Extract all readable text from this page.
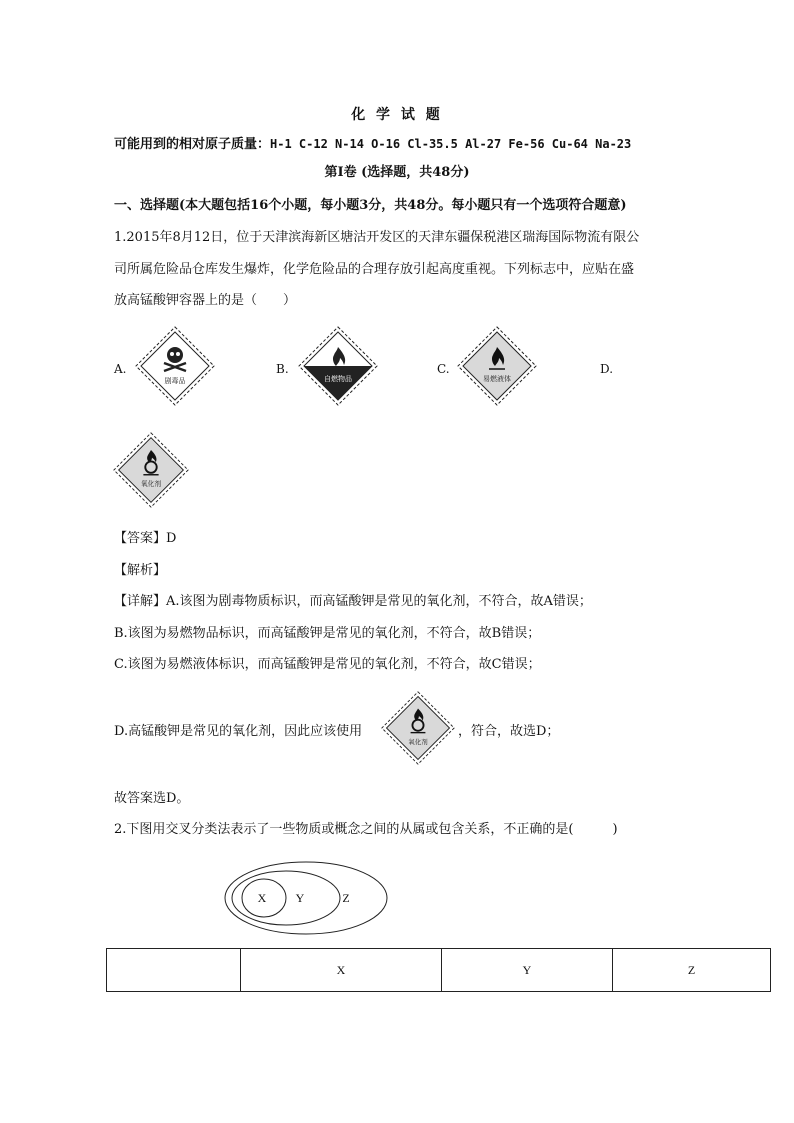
化 学 试 题
可能用到的相对原子质量：H-1 C-12 N-14 O-16 Cl-35.5 Al-27 Fe-56 Cu-64 Na-23
第I卷 (选择题，共48分)
一、选择题(本大题包括16个小题，每小题3分，共48分。每小题只有一个选项符合题意)
1.2015年8月12日，位于天津滨海新区塘沽开发区的天津东疆保税港区瑞海国际物流有限公
司所属危险品仓库发生爆炸，化学危险品的合理存放引起高度重视。下列标志中，应贴在盛
放高锰酸钾容器上的是（　　）
A.
剧毒品
B.
自燃物品
C.
易燃液体
D.
氧化剂
【答案】D
【解析】
【详解】A.该图为剧毒物质标识，而高锰酸钾是常见的氧化剂，不符合，故A错误；
B.该图为易燃物品标识，而高锰酸钾是常见的氧化剂，不符合，故B错误；
C.该图为易燃液体标识，而高锰酸钾是常见的氧化剂，不符合，故C错误；
D.高锰酸钾是常见的氧化剂，因此应该使用
氧化剂
，符合，故选D；
故答案选D。
2.下图用交叉分类法表示了一些物质或概念之间的从属或包含关系，不正确的是(　　　)
X Y	Z
	X	Y	Z
